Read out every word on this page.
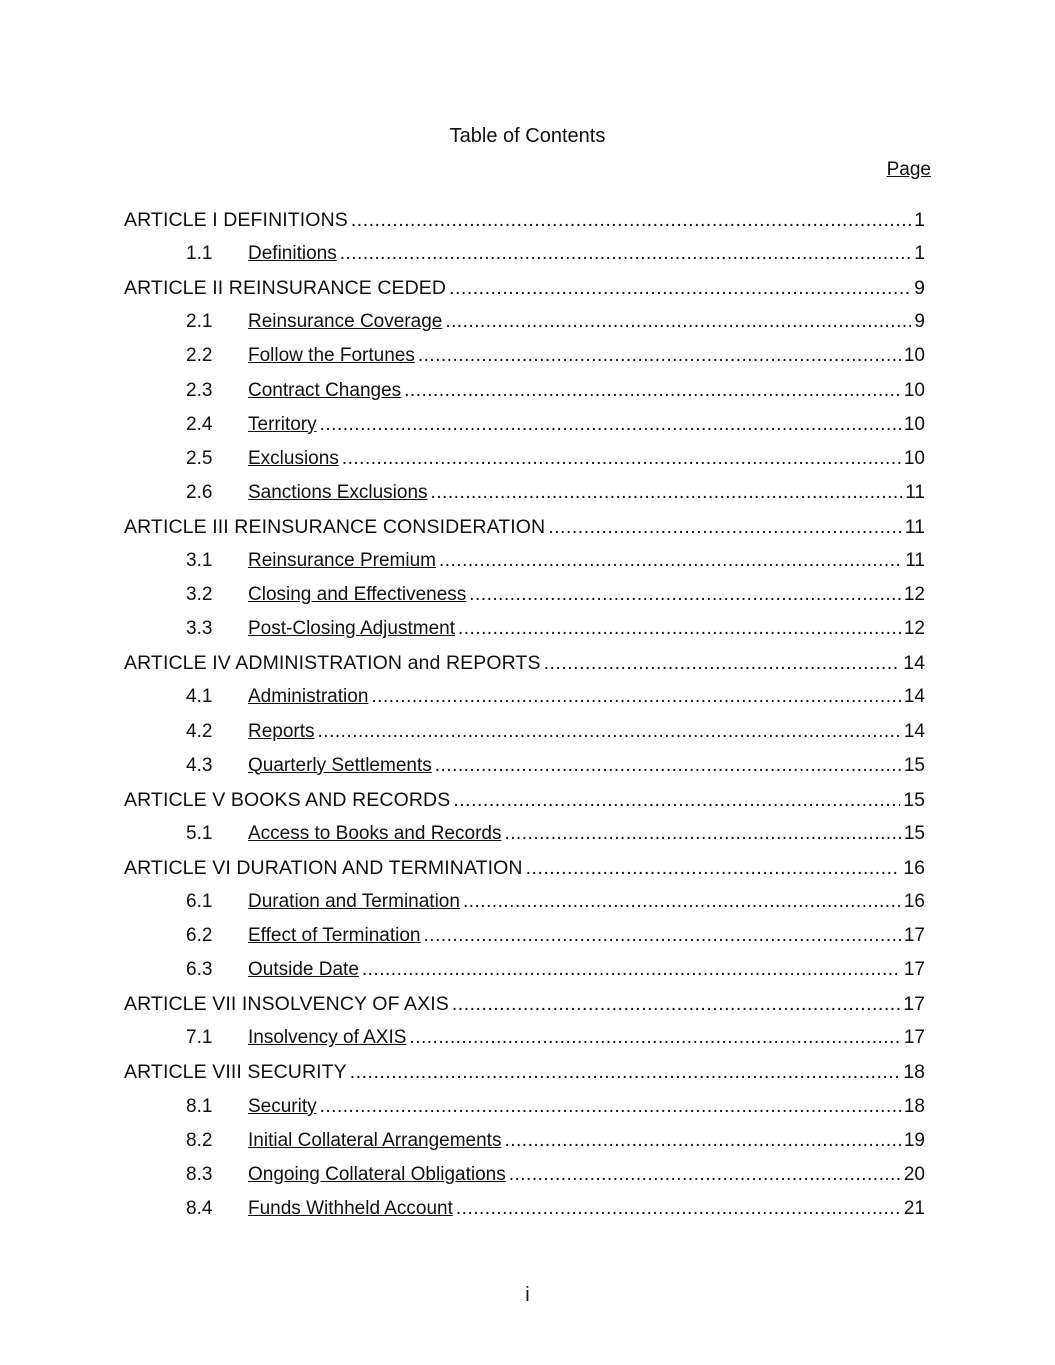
Table of Contents
Page
ARTICLE I DEFINITIONS .....	1
1.1	Definitions .....	1
ARTICLE II REINSURANCE CEDED .....	9
2.1	Reinsurance Coverage .....	9
2.2	Follow the Fortunes .....	10
2.3	Contract Changes .....	10
2.4	Territory .....	10
2.5	Exclusions .....	10
2.6	Sanctions Exclusions .....	11
ARTICLE III REINSURANCE CONSIDERATION .....	11
3.1	Reinsurance Premium .....	11
3.2	Closing and Effectiveness .....	12
3.3	Post-Closing Adjustment .....	12
ARTICLE IV ADMINISTRATION and REPORTS .....	14
4.1	Administration .....	14
4.2	Reports .....	14
4.3	Quarterly Settlements .....	15
ARTICLE V BOOKS AND RECORDS .....	15
5.1	Access to Books and Records .....	15
ARTICLE VI DURATION AND TERMINATION .....	16
6.1	Duration and Termination .....	16
6.2	Effect of Termination .....	17
6.3	Outside Date .....	17
ARTICLE VII INSOLVENCY OF AXIS .....	17
7.1	Insolvency of AXIS .....	17
ARTICLE VIII SECURITY .....	18
8.1	Security .....	18
8.2	Initial Collateral Arrangements .....	19
8.3	Ongoing Collateral Obligations .....	20
8.4	Funds Withheld Account .....	21
i
